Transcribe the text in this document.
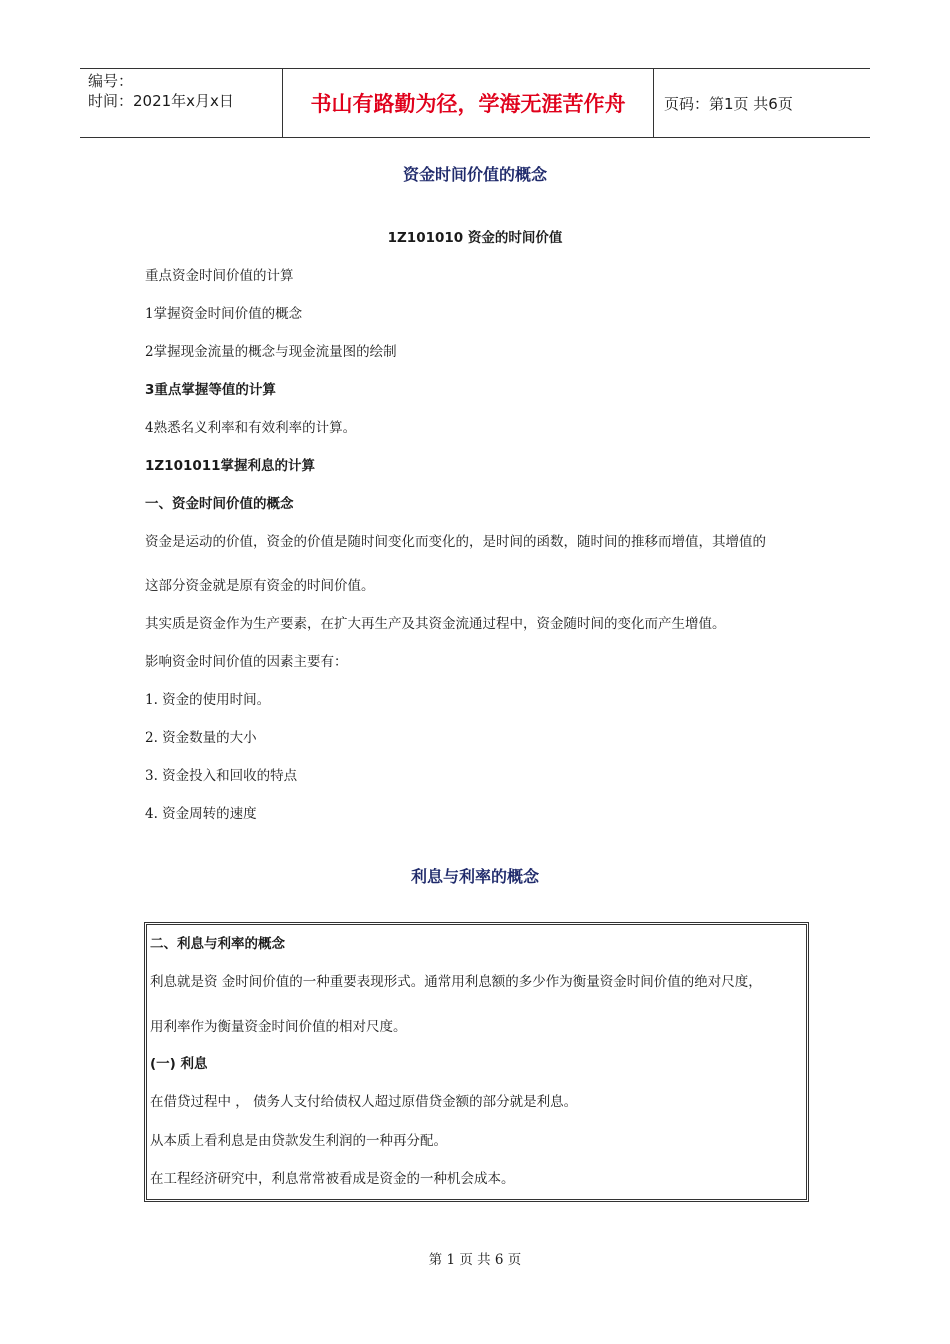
编号：
时间：2021年x月x日	书山有路勤为径，学海无涯苦作舟	页码：第1页 共6页
资金时间价值的概念
1Z101010 资金的时间价值
重点资金时间价值的计算
1掌握资金时间价值的概念
2掌握现金流量的概念与现金流量图的绘制
3重点掌握等值的计算
4熟悉名义利率和有效利率的计算。
1Z101011掌握利息的计算
一、资金时间价值的概念
资金是运动的价值，资金的价值是随时间变化而变化的，是时间的函数，随时间的推移而增值，其增值的
这部分资金就是原有资金的时间价值。
其实质是资金作为生产要素，在扩大再生产及其资金流通过程中，资金随时间的变化而产生增值。
影响资金时间价值的因素主要有：
1. 资金的使用时间。
2. 资金数量的大小
3. 资金投入和回收的特点
4. 资金周转的速度
利息与利率的概念
二、利息与利率的概念
利息就是资 金时间价值的一种重要表现形式。通常用利息额的多少作为衡量资金时间价值的绝对尺度，
用利率作为衡量资金时间价值的相对尺度。
(一) 利息
在借贷过程中 ， 债务人支付给债权人超过原借贷金额的部分就是利息。
从本质上看利息是由贷款发生利润的一种再分配。
在工程经济研究中，利息常常被看成是资金的一种机会成本。
第 1 页 共 6 页
